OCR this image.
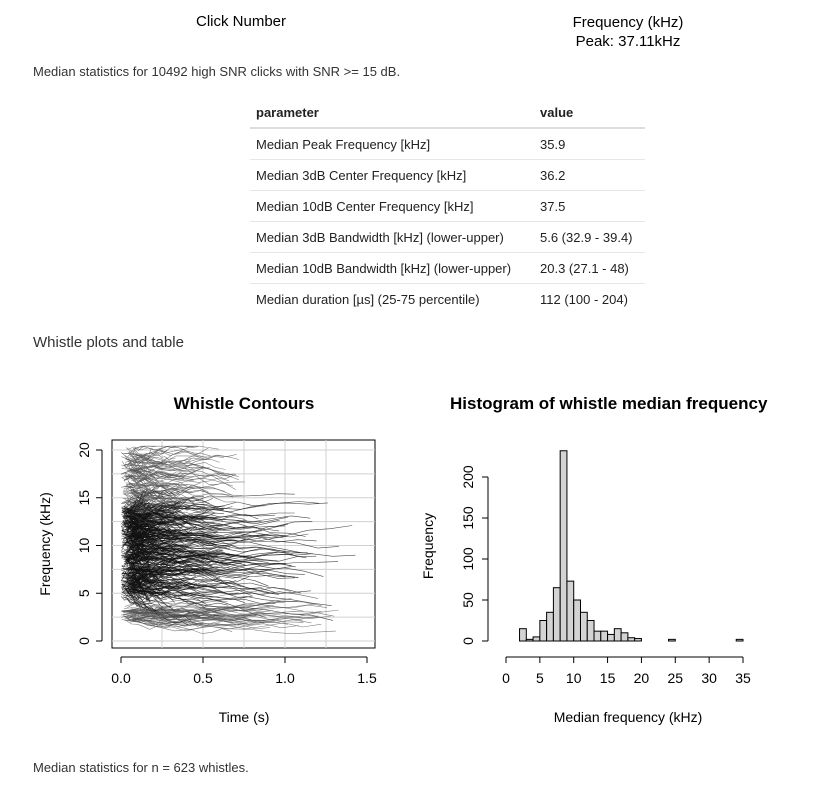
Click Number	Frequency (kHz)
Peak: 37.11kHz
Median statistics for 10492 high SNR clicks with SNR >= 15 dB.
parameter	value
Median Peak Frequency [kHz]	35.9
Median 3dB Center Frequency [kHz]	36.2
Median 10dB Center Frequency [kHz]	37.5
Median 3dB Bandwidth [kHz] (lower-upper)	5.6 (32.9 - 39.4)
Median 10dB Bandwidth [kHz] (lower-upper)	20.3 (27.1 - 48)
Median duration [µs] (25-75 percentile)	112 (100 - 204)
Whistle plots and table
Whistle Contours
0.0	0.5	1.0	1.5
0
5
10
15
20
Time (s)
Frequency (kHz)
Histogram of whistle median frequency
0 5 10 15 20 25 30 35
0
50
100
150
200
Median frequency (kHz)
Frequency
Median statistics for n = 623 whistles.
